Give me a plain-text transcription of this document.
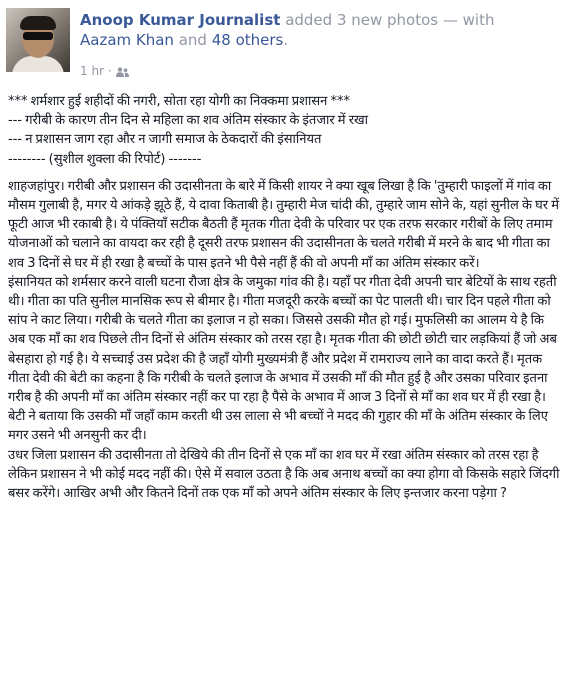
Anoop Kumar Journalist added 3 new photos — with Aazam Khan and 48 others.
1 hr ·

*** शर्मशार हुई शहीदों की नगरी, सोता रहा योगी का निक्कमा प्रशासन ***

--- गरीबी के कारण तीन दिन से महिला का शव अंतिम संस्कार के इंतजार में रखा

--- न प्रशासन जाग रहा और न जागी समाज के ठेकदारों की इंसानियत

-------- (सुशील शुक्ला की रिपोर्ट) -------

शाहजहांपुर। गरीबी और प्रशासन की उदासीनता के बारे में किसी शायर ने क्या खूब लिखा है कि 'तुम्हारी फाइलों में गांव का मौसम गुलाबी है, मगर ये आंकड़े झूठे हैं, ये दावा किताबी है। तुम्हारी मेज चांदी की, तुम्हारे जाम सोने के, यहां सुनील के घर में फूटी आज भी रकाबी है। ये पंक्तियाँ सटीक बैठती हैं मृतक गीता देवी के परिवार पर एक तरफ सरकार गरीबों के लिए तमाम योजनाओं को चलाने का वायदा कर रही है दूसरी तरफ प्रशासन की उदासीनता के चलते गरीबी में मरने के बाद भी गीता का शव 3 दिनों से घर में ही रखा है बच्चों के पास इतने भी पैसे नहीं हैं की वो अपनी माँ का अंतिम संस्कार करें।

इंसानियत को शर्मसार करने वाली घटना रौजा क्षेत्र के जमुका गांव की है। यहाँ पर गीता देवी अपनी चार बेटियों के साथ रहती थी। गीता का पति सुनील मानसिक रूप से बीमार है। गीता मजदूरी करके बच्चों का पेट पालती थी। चार दिन पहले गीता को सांप ने काट लिया। गरीबी के चलते गीता का इलाज न हो सका। जिससे उसकी मौत हो गई। मुफलिसी का आलम ये है कि अब एक माँ का शव पिछले तीन दिनों से अंतिम संस्कार को तरस रहा है। मृतक गीता की छोटी छोटी चार लड़कियां हैं जो अब बेसहारा हो गई है। ये सच्चाई उस प्रदेश की है जहाँ योगी मुख्यमंत्री हैं और प्रदेश में रामराज्य लाने का वादा करते हैं। मृतक गीता देवी की बेटी का कहना है कि गरीबी के चलते इलाज के अभाव में उसकी माँ की मौत हुई है और उसका परिवार इतना गरीब है की अपनी माँ का अंतिम संस्कार नहीं कर पा रहा है पैसे के अभाव में आज 3 दिनों से माँ का शव घर में ही रखा है। बेटी ने बताया कि उसकी माँ जहाँ काम करती थी उस लाला से भी बच्चों ने मदद की गुहार की माँ के अंतिम संस्कार के लिए मगर उसने भी अनसुनी कर दी।

उधर जिला प्रशासन की उदासीनता तो देखिये की तीन दिनों से एक माँ का शव घर में रखा अंतिम संस्कार को तरस रहा है लेकिन प्रशासन ने भी कोई मदद नहीं की। ऐसे में सवाल उठता है कि अब अनाथ बच्चों का क्या होगा वो किसके सहारे जिंदगी बसर करेंगे। आखिर अभी और कितने दिनों तक एक माँ को अपने अंतिम संस्कार के लिए इन्तजार करना पड़ेगा ?
